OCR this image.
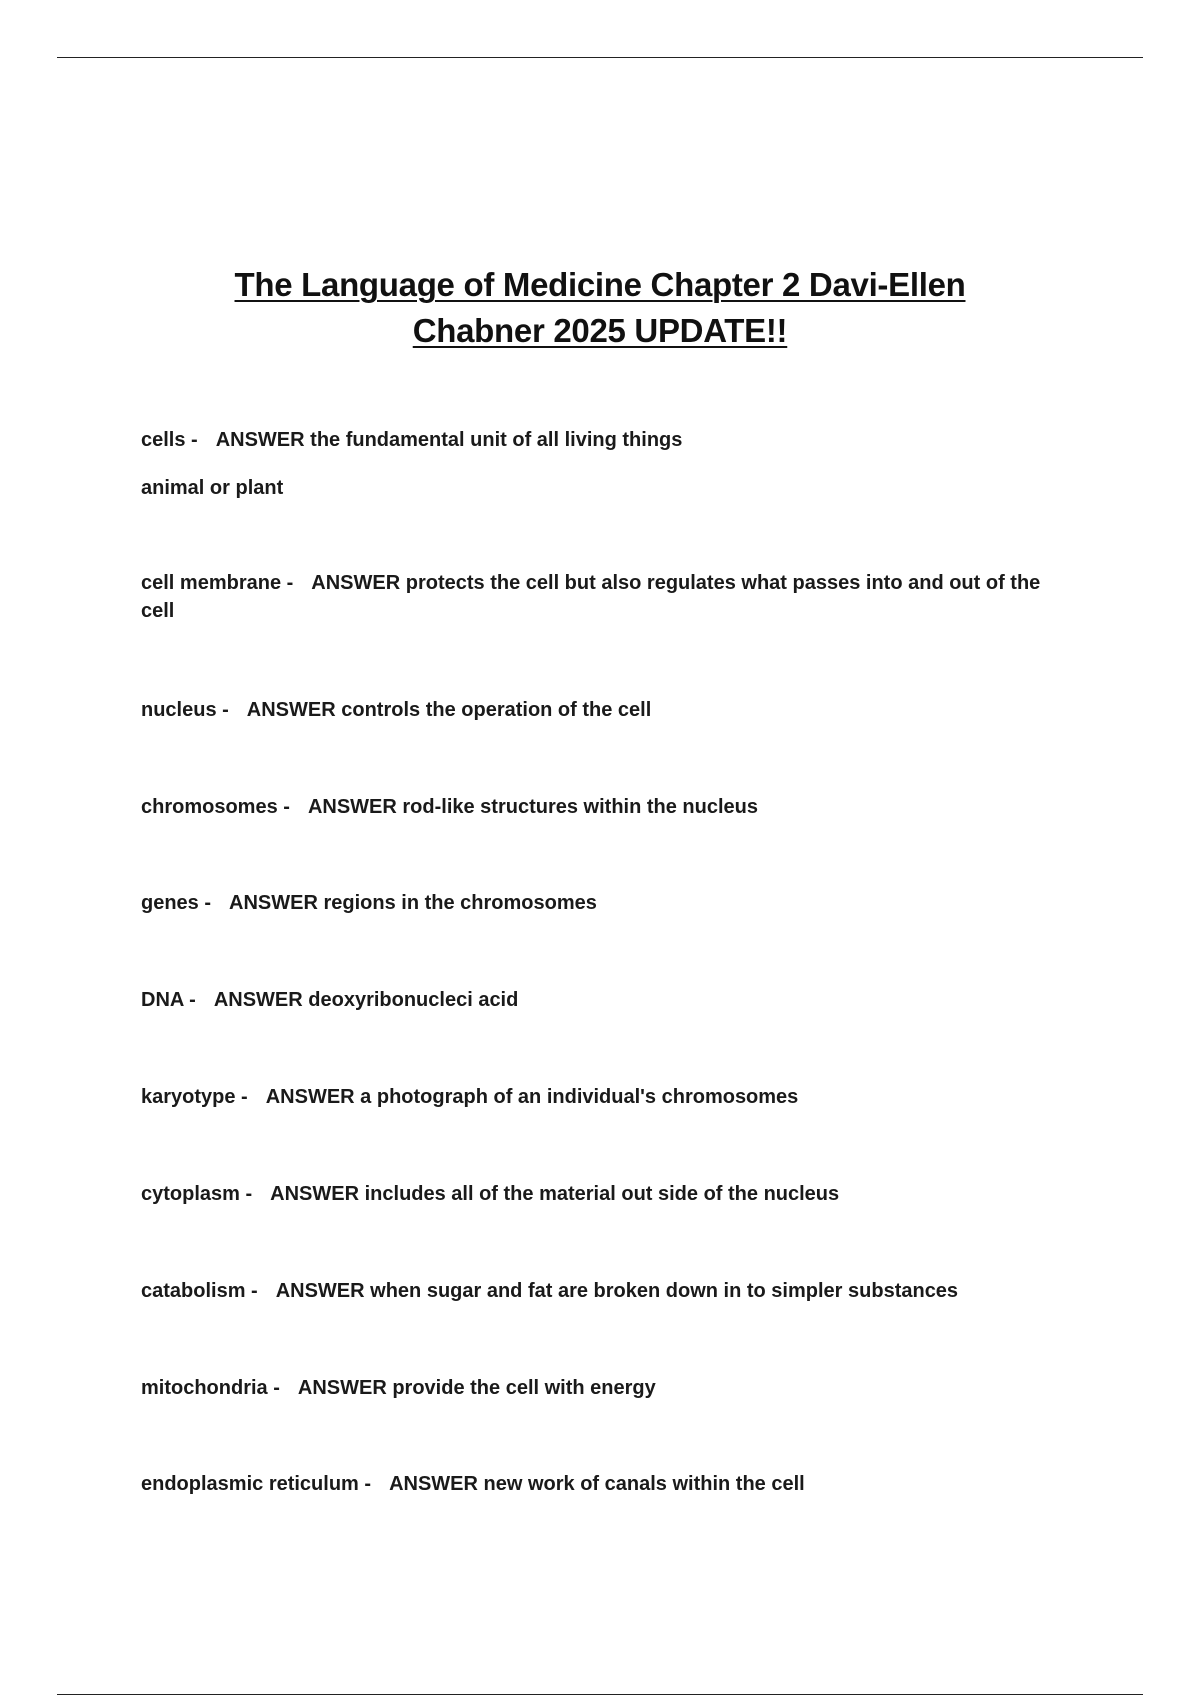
The Language of Medicine Chapter 2 Davi-Ellen
Chabner 2025 UPDATE!!
cells - ANSWER the fundamental unit of all living things
animal or plant
cell membrane - ANSWER protects the cell but also regulates what passes into and out of the cell
nucleus - ANSWER controls the operation of the cell
chromosomes - ANSWER rod-like structures within the nucleus
genes - ANSWER regions in the chromosomes
DNA - ANSWER deoxyribonucleci acid
karyotype - ANSWER a photograph of an individual's chromosomes
cytoplasm - ANSWER includes all of the material out side of the nucleus
catabolism - ANSWER when sugar and fat are broken down in to simpler substances
mitochondria - ANSWER provide the cell with energy
endoplasmic reticulum - ANSWER new work of canals within the cell
